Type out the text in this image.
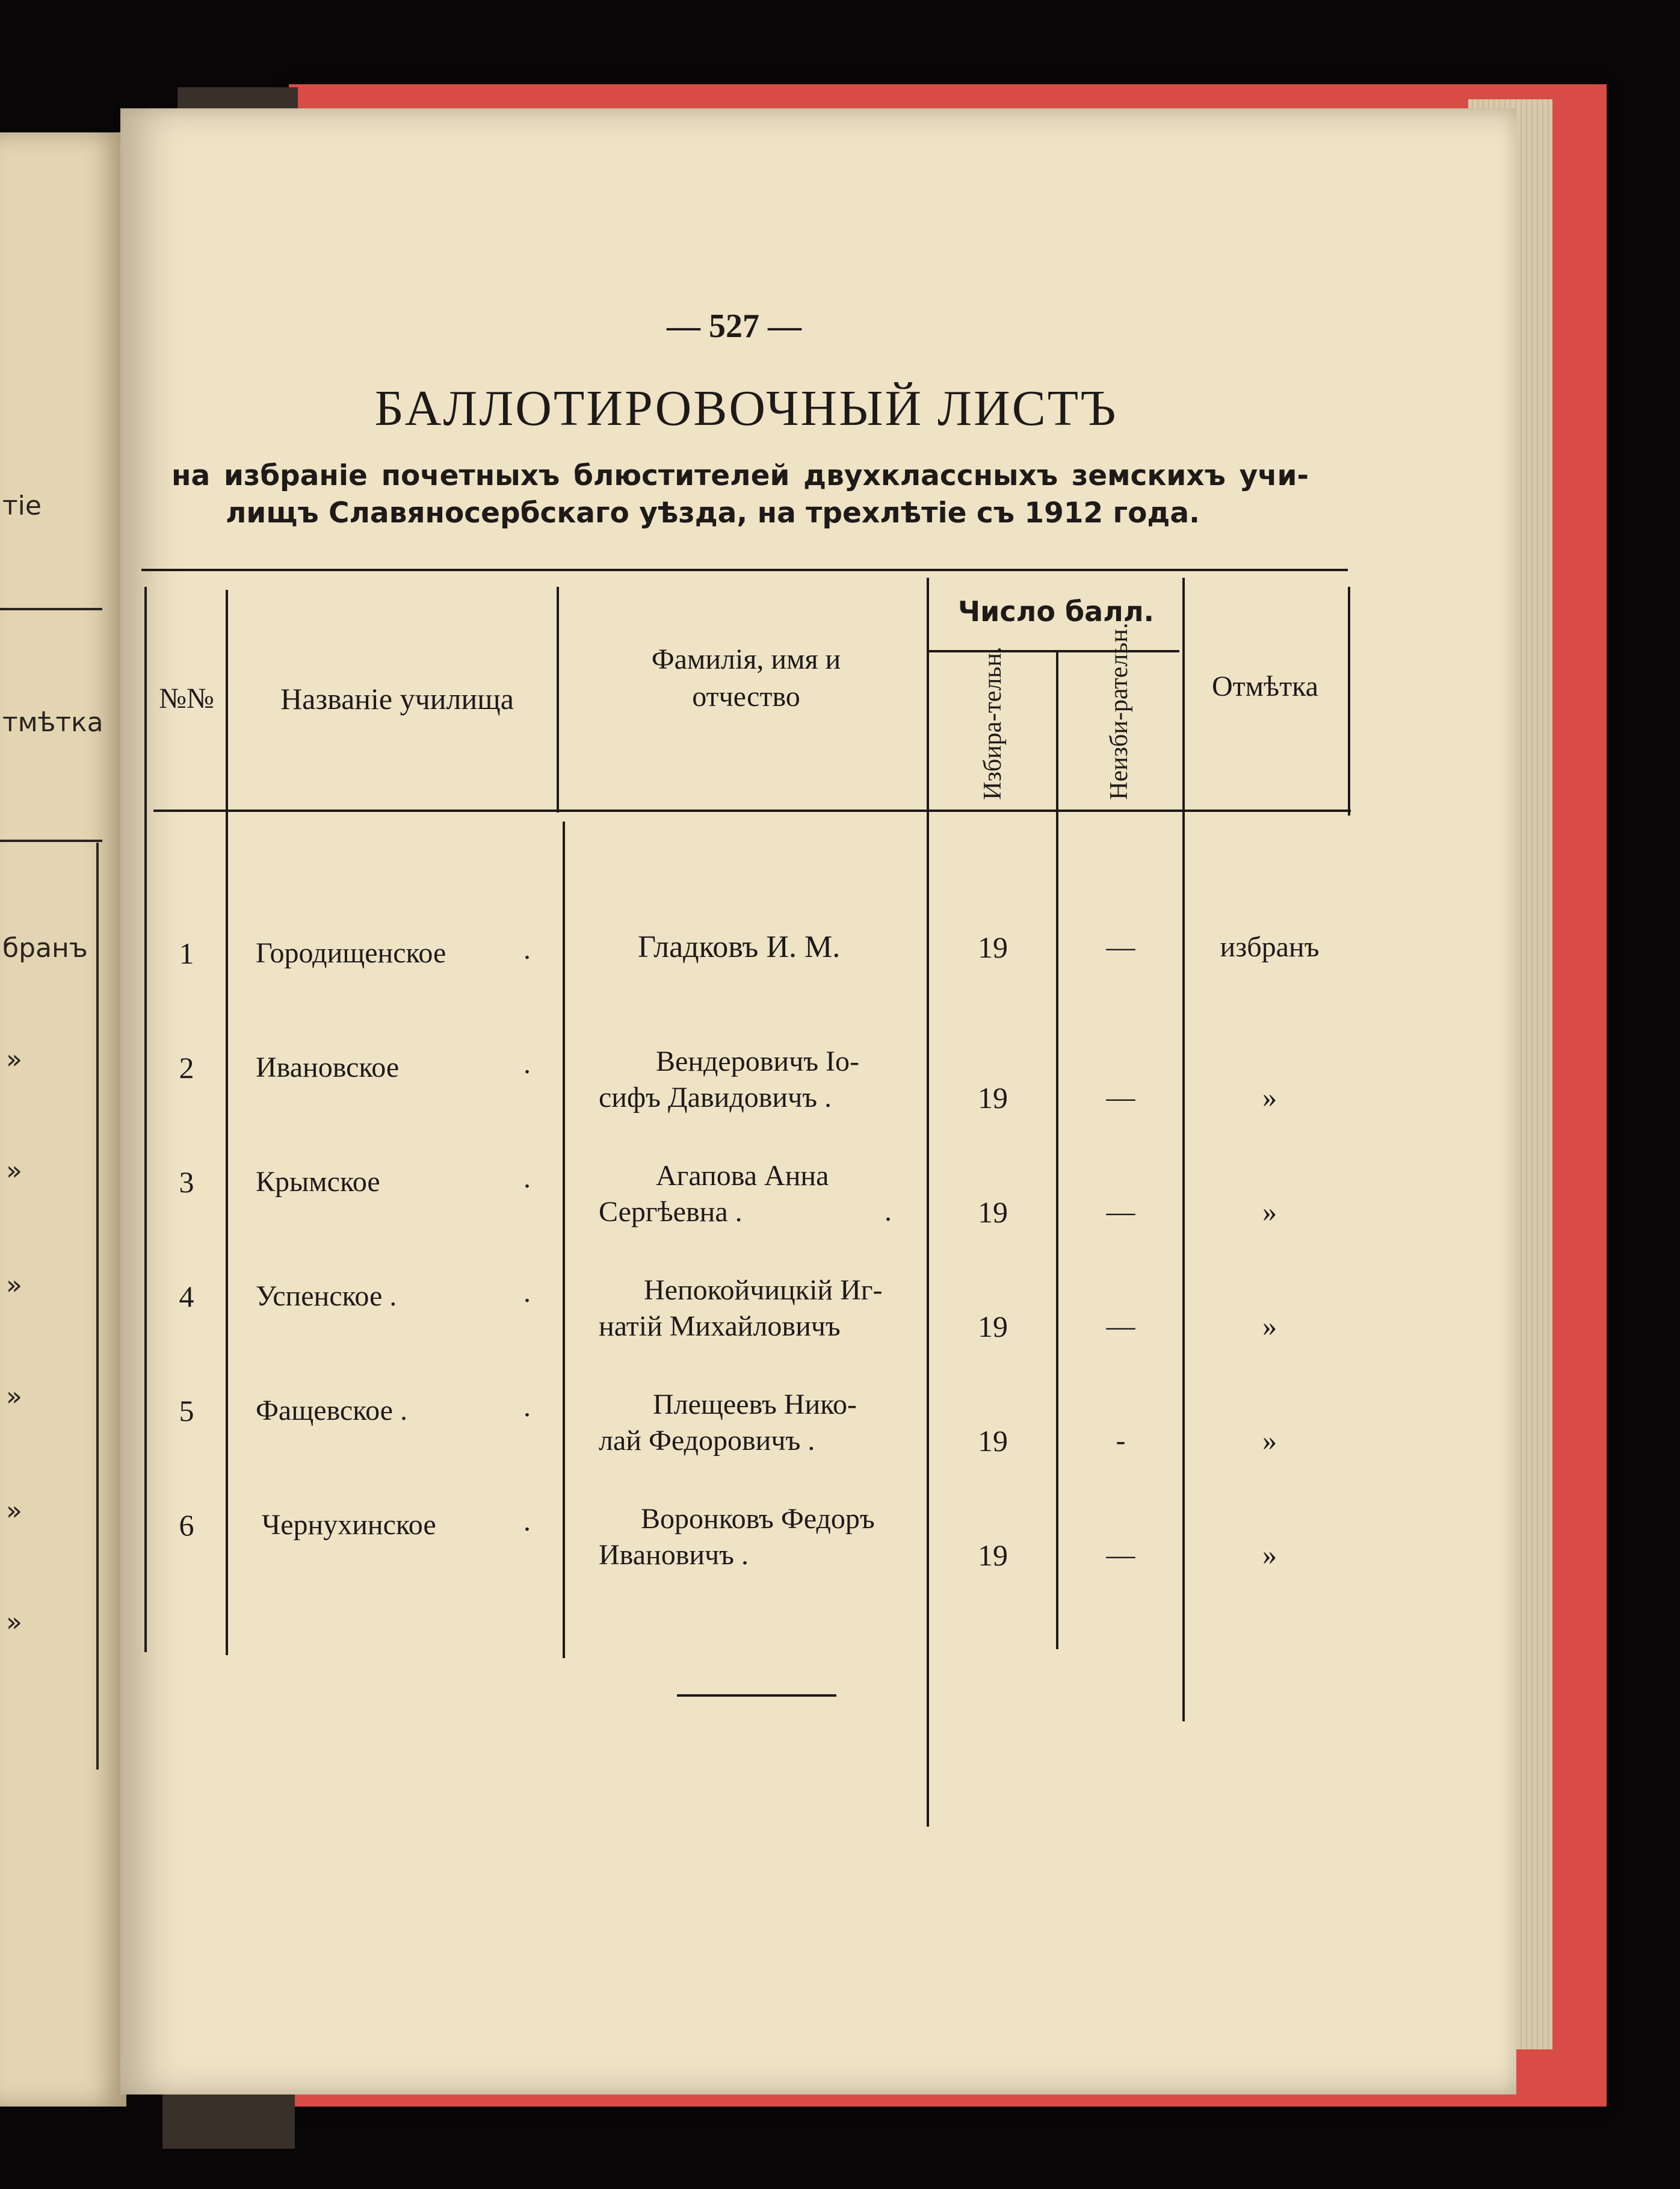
тіе
тмѣтка
бранъ
»
»
»
»
»
»
— 527 —
БАЛЛОТИРОВОЧНЫЙ ЛИСТЪ
на избраніе почетныхъ блюстителей двухклассныхъ земскихъ учи-
лищъ Славяносербскаго уѣзда, на трехлѣтіе съ 1912 года.
№№	Названіе училища
Фамилія, имя и отчество
Число балл.
Избира-тельн.	Неизби-рательн.	Отмѣтка
1	Городищенское	.	Гладковъ И. М.	19	—	избранъ
2	Ивановское	.	Вендеровичъ Іо-
сифъ Давидовичъ .	19	—	»
3	Крымское	.	Агапова Анна
Сергѣевна .	.	19	—	»
4	Успенское .	.	Непокойчицкій Иг-
натій Михайловичъ	19	—	»
5	Фащевское .	.	Плещеевъ Нико-
лай Федоровичъ .	19	-	»
6	Чернухинское	.	Воронковъ Федоръ
Ивановичъ .	19	—	»
